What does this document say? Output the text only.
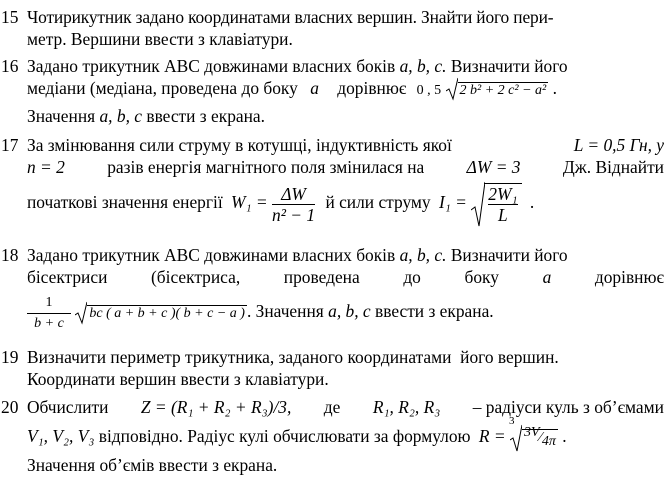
15 Чотирикутник задано координатами власних вершин. Знайти його пери-
метр. Вершини ввести з клавіатури.
16 Задано трикутник ABC довжинами власних боків a, b, c. Визначити його
медіани (медіана, проведена до боку a дорівнює 0 , 5 2 b² + 2 c² − a² .
Значення a, b, c ввести з екрана.
17 За змінювання сили струму в котушці, індуктивність якої	L = 0,5 Гн, у
n = 2 разів енергія магнітного поля змінилася на ΔW = 3 Дж. Віднайти
початкові значення енергії $W_1 = \frac{\Delta W}{\text{n² − 1}}$ й сили струму $I_1 = \frac{\text{2W₁}}{L}$ .
18 Задано трикутник ABC довжинами власних боків a, b, c. Визначити його
бісектриси	(бісектриса,	проведена	до	боку	a	дорівнює
$\frac{1}{b + c}$ bc ( a + b + c )( b + c − a ) . Значення a, b, c ввести з екрана.
19 Визначити периметр трикутника, заданого координатами  його вершин.
Координати вершин ввести з клавіатури.
20 Обчислити Z = (R₁ + R₂ + R₃)/3, де R₁, R₂, R₃ – радіуси куль з об’ємами
V₁, V₂, V₃ відповідно. Радіус кулі обчислювати за формулою R =
3
3V⁄4π .
Значення об’ємів ввести з екрана.
